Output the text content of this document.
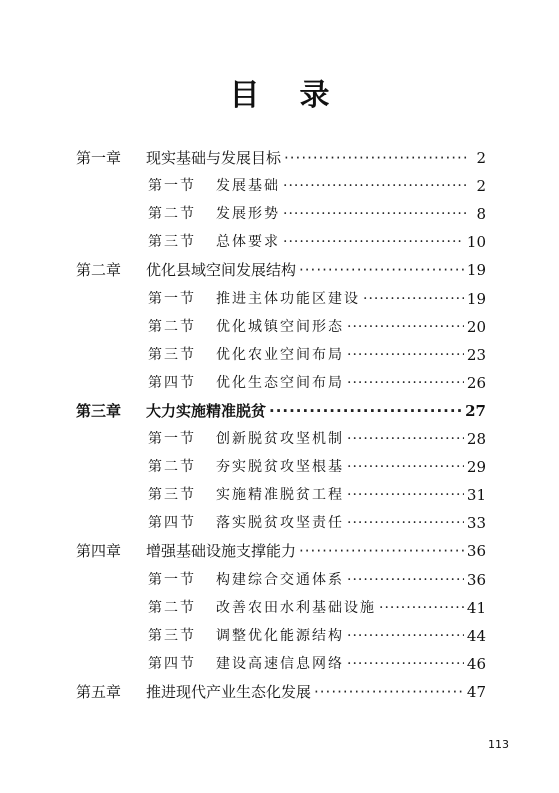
目录
第一章	现实基础与发展目标 ·····	2
第一节	发展基础 ·····	2
第二节	发展形势 ·····	8
第三节	总体要求 ·····	10
第二章	优化县域空间发展结构 ·····	19
第一节	推进主体功能区建设 ·····	19
第二节	优化城镇空间形态 ·····	20
第三节	优化农业空间布局 ·····	23
第四节	优化生态空间布局 ·····	26
第三章	大力实施精准脱贫 ·····	27
第一节	创新脱贫攻坚机制 ·····	28
第二节	夯实脱贫攻坚根基 ·····	29
第三节	实施精准脱贫工程 ·····	31
第四节	落实脱贫攻坚责任 ·····	33
第四章	增强基础设施支撑能力 ·····	36
第一节	构建综合交通体系 ·····	36
第二节	改善农田水利基础设施 ·····	41
第三节	调整优化能源结构 ·····	44
第四节	建设高速信息网络 ·····	46
第五章	推进现代产业生态化发展 ·····	47
113
